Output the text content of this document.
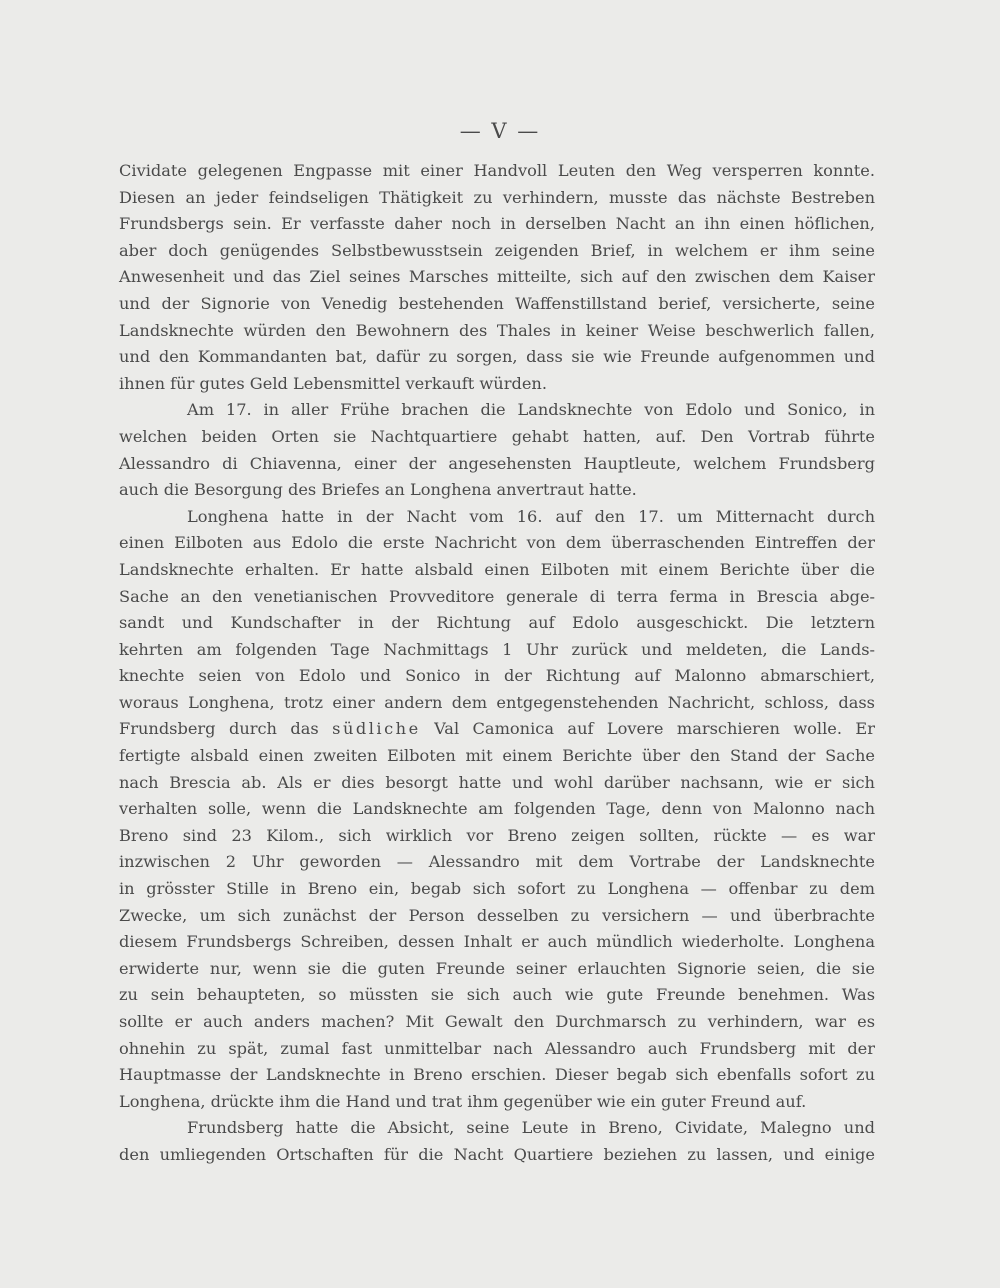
— V —
Cividate gelegenen Engpasse mit einer Handvoll Leuten den Weg versperren konnte.
Diesen an jeder feindseligen Thätigkeit zu verhindern, musste das nächste Bestreben
Frundsbergs sein. Er verfasste daher noch in derselben Nacht an ihn einen höflichen,
aber doch genügendes Selbstbewusstsein zeigenden Brief, in welchem er ihm seine
Anwesenheit und das Ziel seines Marsches mitteilte, sich auf den zwischen dem Kaiser
und der Signorie von Venedig bestehenden Waffenstillstand berief, versicherte, seine
Landsknechte würden den Bewohnern des Thales in keiner Weise beschwerlich fallen,
und den Kommandanten bat, dafür zu sorgen, dass sie wie Freunde aufgenommen und
ihnen für gutes Geld Lebensmittel verkauft würden.
Am 17. in aller Frühe brachen die Landsknechte von Edolo und Sonico, in
welchen beiden Orten sie Nachtquartiere gehabt hatten, auf. Den Vortrab führte
Alessandro di Chiavenna, einer der angesehensten Hauptleute, welchem Frundsberg
auch die Besorgung des Briefes an Longhena anvertraut hatte.
Longhena hatte in der Nacht vom 16. auf den 17. um Mitternacht durch
einen Eilboten aus Edolo die erste Nachricht von dem überraschenden Eintreffen der
Landsknechte erhalten. Er hatte alsbald einen Eilboten mit einem Berichte über die
Sache an den venetianischen Provveditore generale di terra ferma in Brescia abge-
sandt und Kundschafter in der Richtung auf Edolo ausgeschickt. Die letztern
kehrten am folgenden Tage Nachmittags 1 Uhr zurück und meldeten, die Lands-
knechte seien von Edolo und Sonico in der Richtung auf Malonno abmarschiert,
woraus Longhena, trotz einer andern dem entgegenstehenden Nachricht, schloss, dass
Frundsberg durch das südliche Val Camonica auf Lovere marschieren wolle. Er
fertigte alsbald einen zweiten Eilboten mit einem Berichte über den Stand der Sache
nach Brescia ab. Als er dies besorgt hatte und wohl darüber nachsann, wie er sich
verhalten solle, wenn die Landsknechte am folgenden Tage, denn von Malonno nach
Breno sind 23 Kilom., sich wirklich vor Breno zeigen sollten, rückte — es war
inzwischen 2 Uhr geworden — Alessandro mit dem Vortrabe der Landsknechte
in grösster Stille in Breno ein, begab sich sofort zu Longhena — offenbar zu dem
Zwecke, um sich zunächst der Person desselben zu versichern — und überbrachte
diesem Frundsbergs Schreiben, dessen Inhalt er auch mündlich wiederholte. Longhena
erwiderte nur, wenn sie die guten Freunde seiner erlauchten Signorie seien, die sie
zu sein behaupteten, so müssten sie sich auch wie gute Freunde benehmen. Was
sollte er auch anders machen? Mit Gewalt den Durchmarsch zu verhindern, war es
ohnehin zu spät, zumal fast unmittelbar nach Alessandro auch Frundsberg mit der
Hauptmasse der Landsknechte in Breno erschien. Dieser begab sich ebenfalls sofort zu
Longhena, drückte ihm die Hand und trat ihm gegenüber wie ein guter Freund auf.
Frundsberg hatte die Absicht, seine Leute in Breno, Cividate, Malegno und
den umliegenden Ortschaften für die Nacht Quartiere beziehen zu lassen, und einige
